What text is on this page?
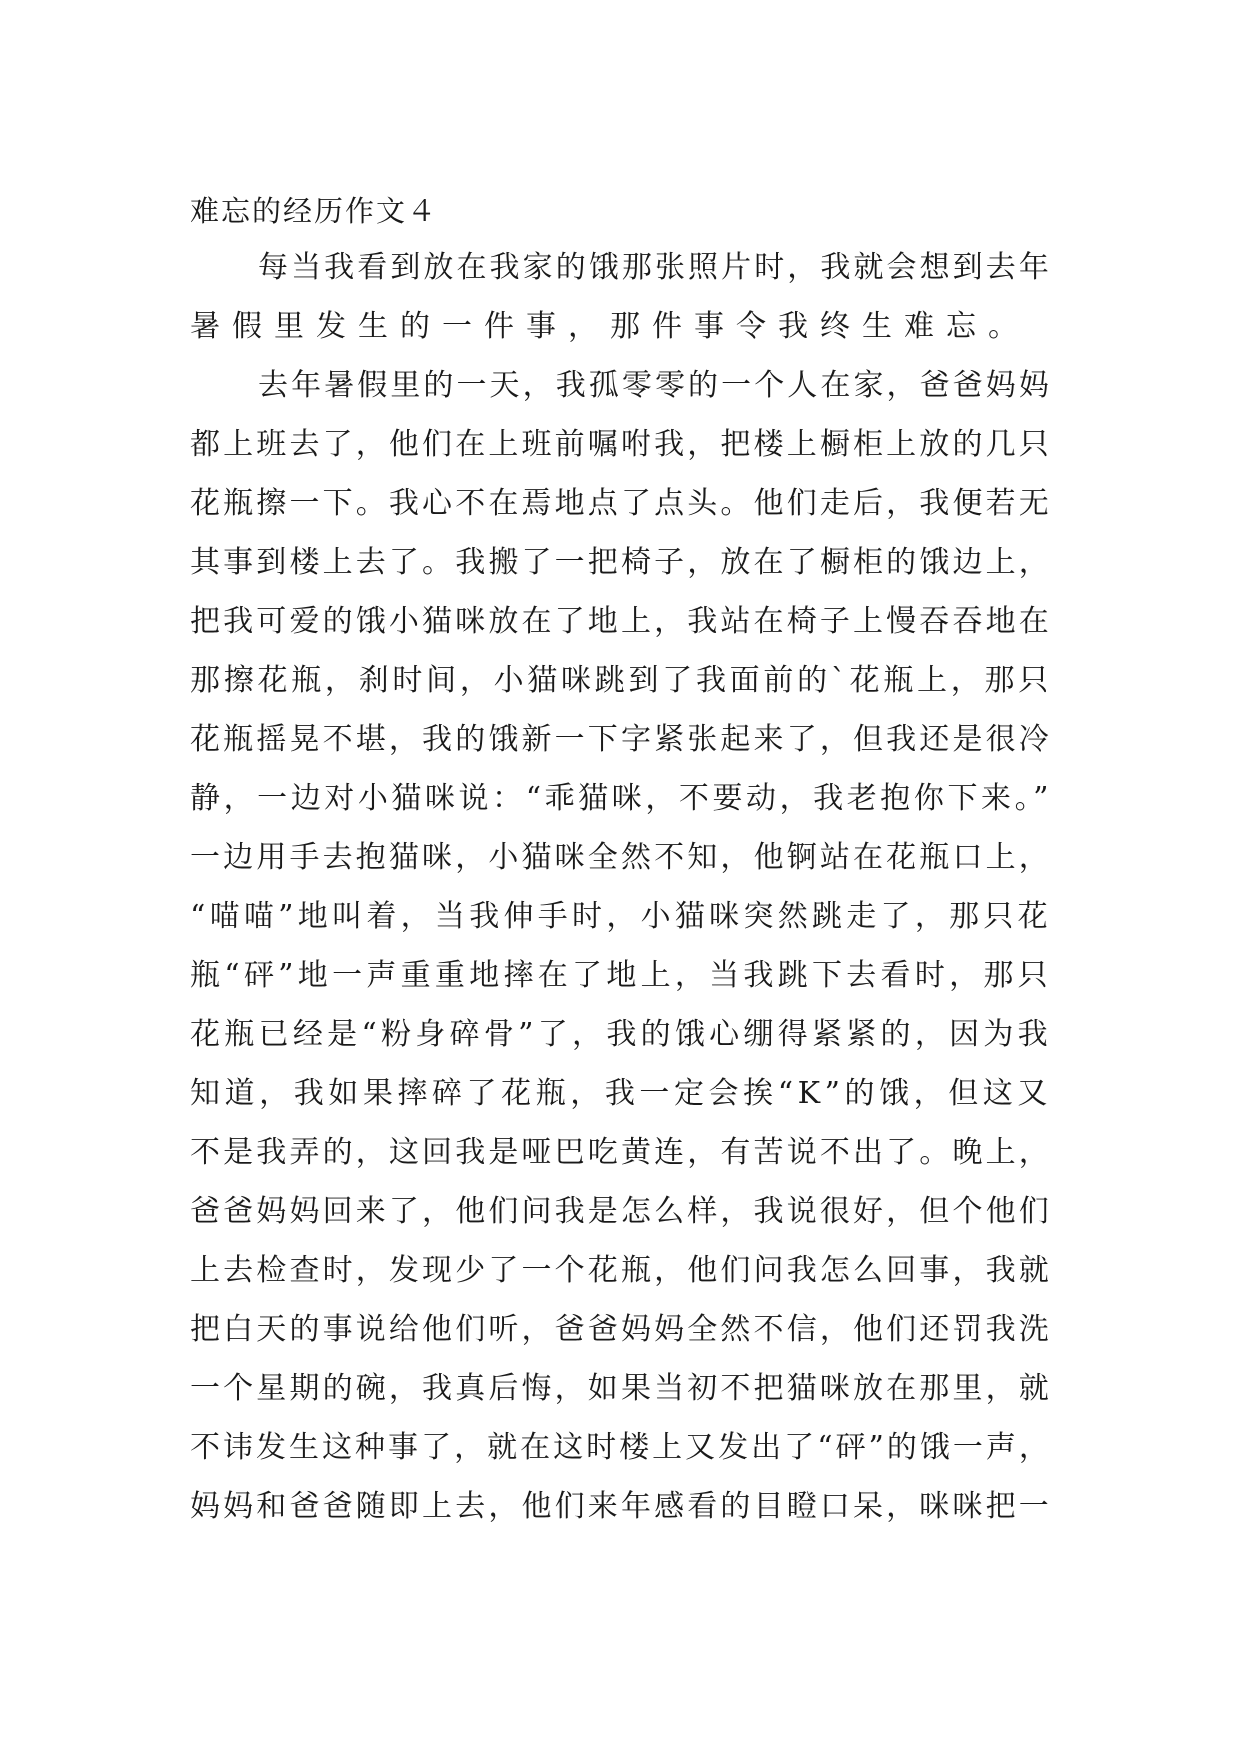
难忘的经历作文４
每当我看到放在我家的饿那张照片时，我就会想到去年
暑假里发生的一件事，那件事令我终生难忘。
去年暑假里的一天，我孤零零的一个人在家，爸爸妈妈
都上班去了，他们在上班前嘱咐我，把楼上橱柜上放的几只
花瓶擦一下。我心不在焉地点了点头。他们走后，我便若无
其事到楼上去了。我搬了一把椅子，放在了橱柜的饿边上，
把我可爱的饿小猫咪放在了地上，我站在椅子上慢吞吞地在
那擦花瓶，刹时间，小猫咪跳到了我面前的`花瓶上，那只
花瓶摇晃不堪，我的饿新一下字紧张起来了，但我还是很冷
静，一边对小猫咪说：“乖猫咪，不要动，我老抱你下来。”
一边用手去抱猫咪，小猫咪全然不知，他锕站在花瓶口上，
“喵喵”地叫着，当我伸手时，小猫咪突然跳走了，那只花
瓶“砰”地一声重重地摔在了地上，当我跳下去看时，那只
花瓶已经是“粉身碎骨”了，我的饿心绷得紧紧的，因为我
知道，我如果摔碎了花瓶，我一定会挨“K”的饿，但这又
不是我弄的，这回我是哑巴吃黄连，有苦说不出了。晚上，
爸爸妈妈回来了，他们问我是怎么样，我说很好，但个他们
上去检查时，发现少了一个花瓶，他们问我怎么回事，我就
把白天的事说给他们听，爸爸妈妈全然不信，他们还罚我洗
一个星期的碗，我真后悔，如果当初不把猫咪放在那里，就
不讳发生这种事了，就在这时楼上又发出了“砰”的饿一声，
妈妈和爸爸随即上去，他们来年感看的目瞪口呆，咪咪把一
